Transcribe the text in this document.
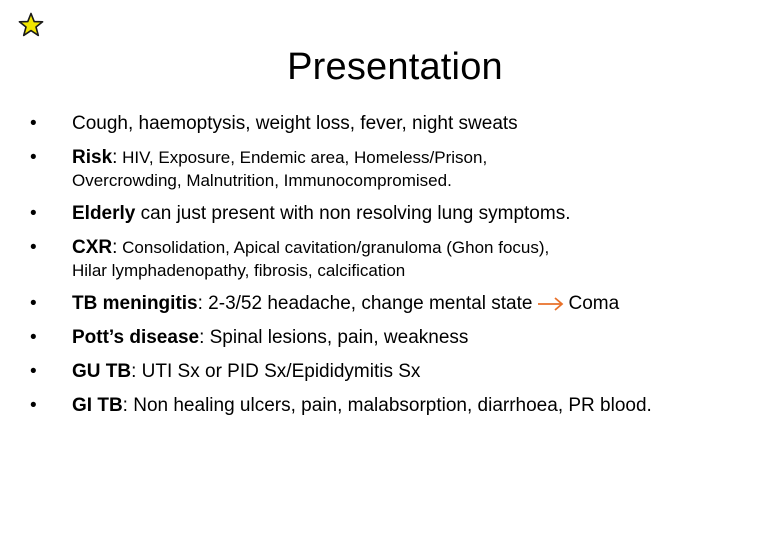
Presentation
• Cough, haemoptysis, weight loss, fever, night sweats
• Risk: HIV, Exposure, Endemic area, Homeless/Prison,
Overcrowding, Malnutrition, Immunocompromised.
• Elderly can just present with non resolving lung symptoms.
• CXR: Consolidation, Apical cavitation/granuloma (Ghon focus),
Hilar lymphadenopathy, fibrosis, calcification
• TB meningitis: 2-3/52 headache, change mental state Coma
• Pott’s disease: Spinal lesions, pain, weakness
• GU TB: UTI Sx or PID Sx/Epididymitis Sx
• GI TB: Non healing ulcers, pain, malabsorption, diarrhoea, PR blood.
